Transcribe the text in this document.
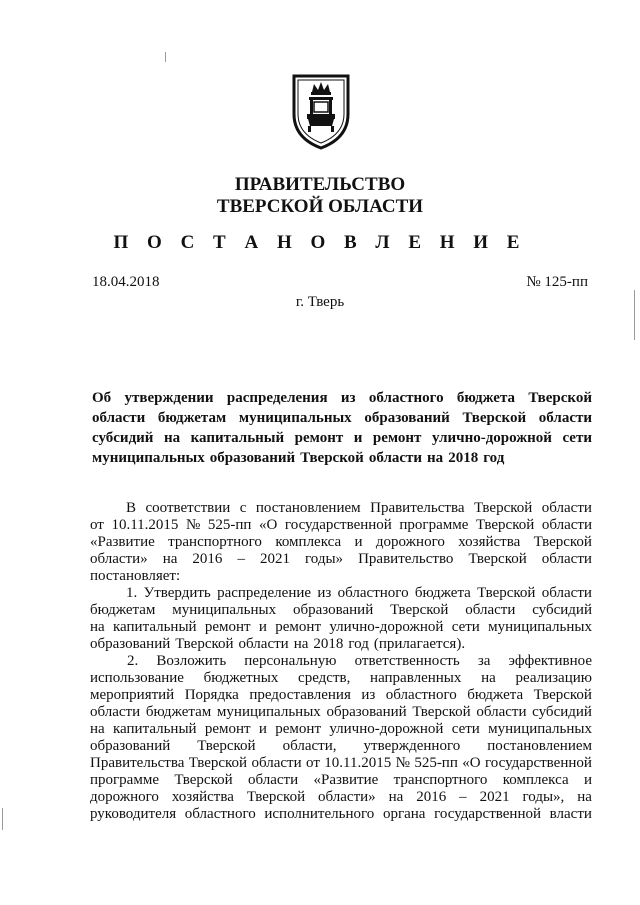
ПРАВИТЕЛЬСТВО
ТВЕРСКОЙ ОБЛАСТИ
П О С Т А Н О В Л Е Н И Е
18.04.2018	№ 125-пп
г. Тверь
Об утверждении распределения из областного бюджета Тверской
области бюджетам муниципальных образований Тверской области
субсидий на капитальный ремонт и ремонт улично-дорожной сети
муниципальных образований Тверской области на 2018 год
В соответствии с постановлением Правительства Тверской области
от 10.11.2015 № 525-пп «О государственной программе Тверской области
«Развитие транспортного комплекса и дорожного хозяйства Тверской
области» на 2016 – 2021 годы» Правительство Тверской области
постановляет:
1. Утвердить распределение из областного бюджета Тверской области
бюджетам муниципальных образований Тверской области субсидий
на капитальный ремонт и ремонт улично-дорожной сети муниципальных
образований Тверской области на 2018 год (прилагается).
2. Возложить персональную ответственность за эффективное
использование бюджетных средств, направленных на реализацию
мероприятий Порядка предоставления из областного бюджета Тверской
области бюджетам муниципальных образований Тверской области субсидий
на капитальный ремонт и ремонт улично-дорожной сети муниципальных
образований Тверской области, утвержденного постановлением
Правительства Тверской области от 10.11.2015 № 525-пп «О государственной
программе Тверской области «Развитие транспортного комплекса и
дорожного хозяйства Тверской области» на 2016 – 2021 годы», на
руководителя областного исполнительного органа государственной власти
